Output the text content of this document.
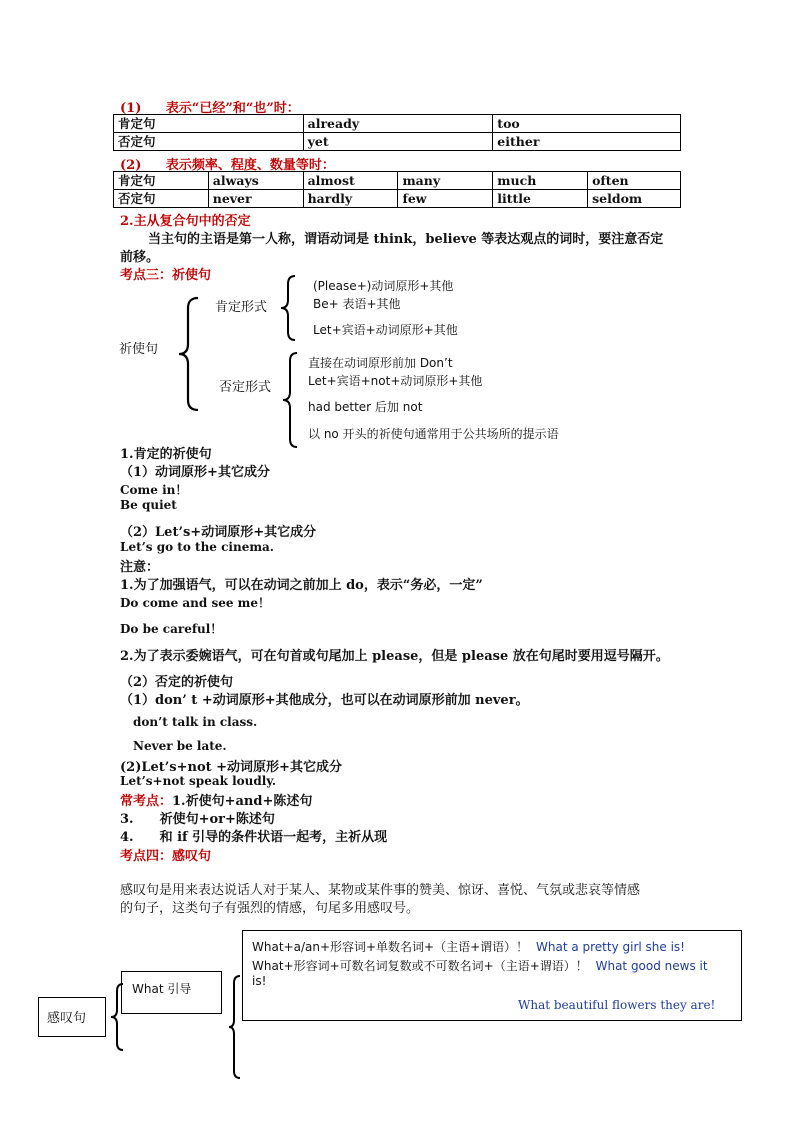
(1) 表示“已经”和“也”时：
肯定句	already	too
否定句	yet	either
(2) 表示频率、程度、数量等时：
肯定句	always	almost	many	much	often
否定句	never	hardly	few	little	seldom
2.主从复合句中的否定
当主句的主语是第一人称，谓语动词是 think，believe 等表达观点的词时，要注意否定
前移。
考点三：祈使句
祈使句
肯定形式
否定形式
(Please+)动词原形+其他
Be+ 表语+其他
Let+宾语+动词原形+其他
直接在动词原形前加 Don’t
Let+宾语+not+动词原形+其他
had better 后加 not
以 no 开头的祈使句通常用于公共场所的提示语
1.肯定的祈使句
（1）动词原形+其它成分
Come in！
Be quiet
（2）Let’s+动词原形+其它成分
Let’s go to the cinema.
注意：
1.为了加强语气，可以在动词之前加上 do，表示“务必，一定”
Do come and see me！
Do be careful！
2.为了表示委婉语气，可在句首或句尾加上 please，但是 please 放在句尾时要用逗号隔开。
（2）否定的祈使句
（1）don’ t +动词原形+其他成分，也可以在动词原形前加 never。
don’t talk in class.
Never be late.
(2)Let’s+not +动词原形+其它成分
Let’s+not speak loudly.
常考点：1.祈使句+and+陈述句
3. 祈使句+or+陈述句
4. 和 if 引导的条件状语一起考，主祈从现
考点四：感叹句
感叹句是用来表达说话人对于某人、某物或某件事的赞美、惊讶、喜悦、气氛或悲哀等情感
的句子，这类句子有强烈的情感，句尾多用感叹号。
感叹句
What 引导
What+a/an+形容词+单数名词+（主语+谓语）！ What a pretty girl she is!
What+形容词+可数名词复数或不可数名词+（主语+谓语）！ What good news it
is!
What beautiful flowers they are!
